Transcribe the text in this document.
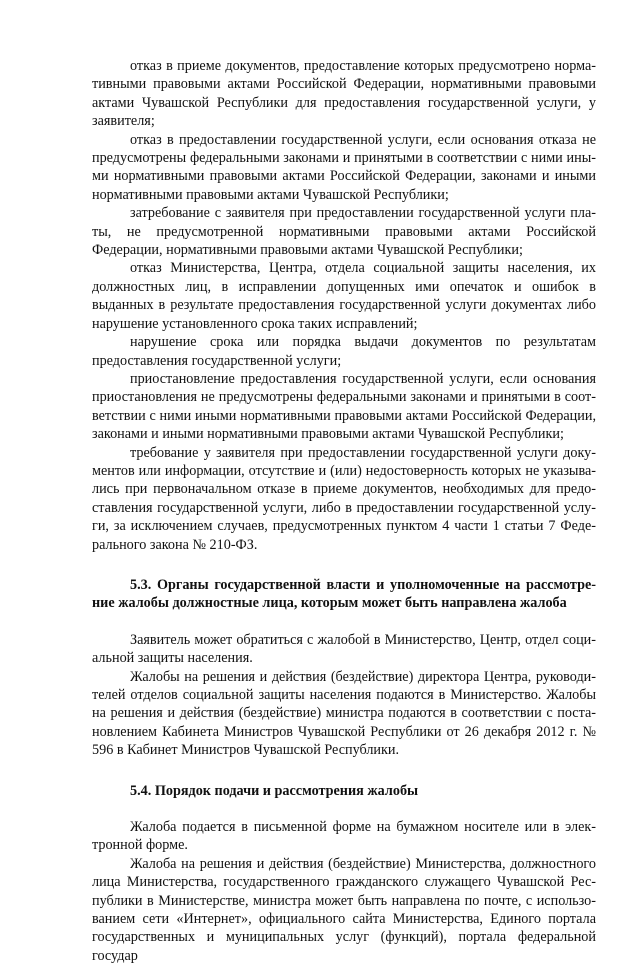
отказ в приеме документов, предоставление которых предусмотрено нормативными правовыми актами Российской Федерации, нормативными правовыми актами Чувашской Республики для предоставления государственной услуги, у заявителя;

отказ в предоставлении государственной услуги, если основания отказа не предусмотрены федеральными законами и принятыми в соответствии с ними иными нормативными правовыми актами Российской Федерации, законами и иными нормативными правовыми актами Чувашской Республики;

затребование с заявителя при предоставлении государственной услуги платы, не предусмотренной нормативными правовыми актами Российской Федерации, нормативными правовыми актами Чувашской Республики;

отказ Министерства, Центра, отдела социальной защиты населения, их должностных лиц, в исправлении допущенных ими опечаток и ошибок в выданных в результате предоставления государственной услуги документах либо нарушение установленного срока таких исправлений;

нарушение срока или порядка выдачи документов по результатам предоставления государственной услуги;

приостановление предоставления государственной услуги, если основания приостановления не предусмотрены федеральными законами и принятыми в соответствии с ними иными нормативными правовыми актами Российской Федерации, законами и иными нормативными правовыми актами Чувашской Республики;

требование у заявителя при предоставлении государственной услуги документов или информации, отсутствие и (или) недостоверность которых не указывались при первоначальном отказе в приеме документов, необходимых для предоставления государственной услуги, либо в предоставлении государственной услуги, за исключением случаев, предусмотренных пунктом 4 части 1 статьи 7 Федерального закона № 210-ФЗ.

5.3. Органы государственной власти и уполномоченные на рассмотрение жалобы должностные лица, которым может быть направлена жалоба

Заявитель может обратиться с жалобой в Министерство, Центр, отдел социальной защиты населения.

Жалобы на решения и действия (бездействие) директора Центра, руководителей отделов социальной защиты населения подаются в Министерство. Жалобы на решения и действия (бездействие) министра подаются в соответствии с постановлением Кабинета Министров Чувашской Республики от 26 декабря 2012 г. № 596 в Кабинет Министров Чувашской Республики.

5.4. Порядок подачи и рассмотрения жалобы

Жалоба подается в письменной форме на бумажном носителе или в электронной форме.

Жалоба на решения и действия (бездействие) Министерства, должностного лица Министерства, государственного гражданского служащего Чувашской Республики в Министерстве, министра может быть направлена по почте, с использованием сети «Интернет», официального сайта Министерства, Единого портала государственных и муниципальных услуг (функций), портала федеральной государ
